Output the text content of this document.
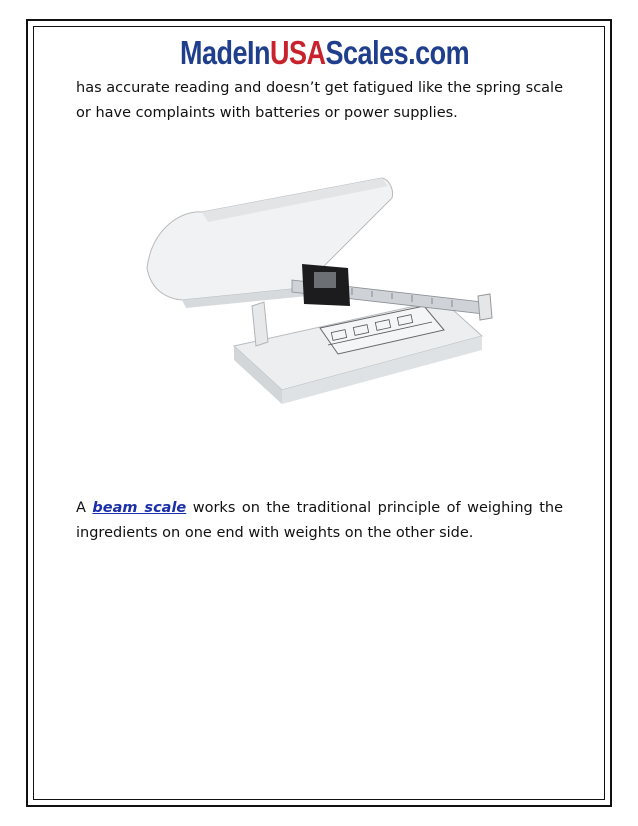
MadeInUSAScales.com

has accurate reading and doesn’t get fatigued like the spring scale or have complaints with batteries or power supplies.

A beam scale works on the traditional principle of weighing the ingredients on one end with weights on the other side.
